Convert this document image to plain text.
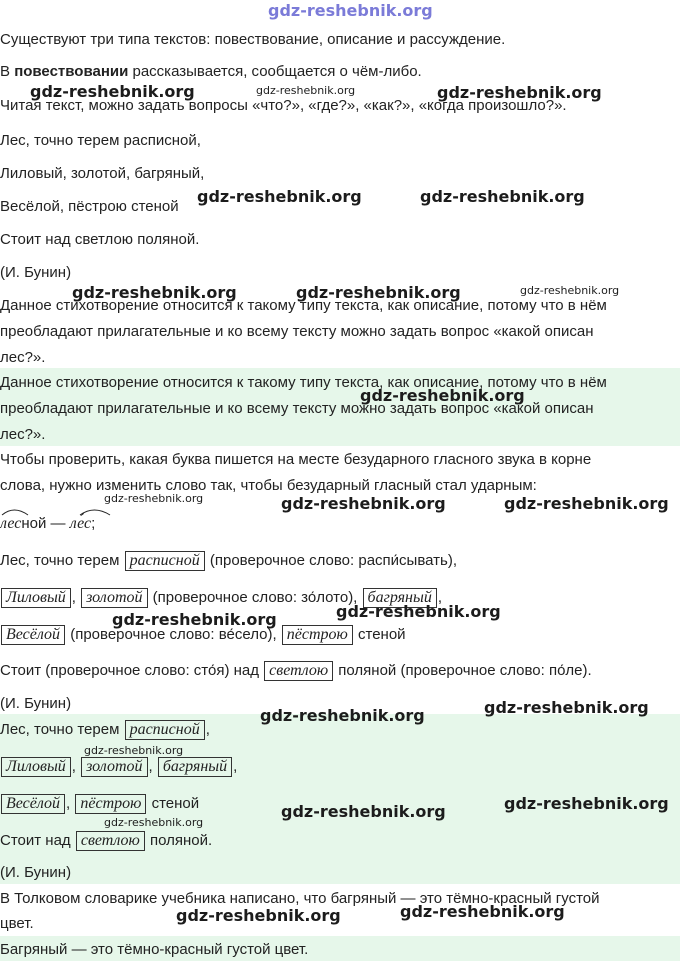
gdz-reshebnik.org
Существуют три типа текстов: повествование, описание и рассуждение.
В повествовании рассказывается, сообщается о чём-либо.
Читая текст, можно задать вопросы «что?», «где?», «как?», «когда произошло?».
Лес, точно терем расписной,
Лиловый, золотой, багряный,
Весёлой, пёстрою стеной
Стоит над светлою поляной.
(И. Бунин)
Данное стихотворение относится к такому типу текста, как описание, потому что в нём
преобладают прилагательные и ко всему тексту можно задать вопрос «какой описан
лес?».
Данное стихотворение относится к такому типу текста, как описание, потому что в нём
преобладают прилагательные и ко всему тексту можно задать вопрос «какой описан
лес?».
Чтобы проверить, какая буква пишется на месте безударного гласного звука в корне
слова, нужно изменить слово так, чтобы безударный гласный стал ударным:
лесной — ле́с;
Лес, точно терем расписной (проверочное слово: распи́сывать),
Лиловый , золотой (проверочное слово: зо́лото), багряный ,
Весёлой (проверочное слово: ве́село), пёстрою стеной
Стоит (проверочное слово: сто́я) над светлою поляной (проверочное слово: по́ле).
(И. Бунин)
Лес, точно терем расписной ,
Лиловый , золотой , багряный ,
Весёлой , пёстрою стеной
Стоит над светлою поляной.
(И. Бунин)
В Толковом словарике учебника написано, что багряный — это тёмно-красный густой
цвет.
Багряный — это тёмно-красный густой цвет.
gdz-reshebnik.org	gdz-reshebnik.org	gdz-reshebnik.org
gdz-reshebnik.org	gdz-reshebnik.org
gdz-reshebnik.org	gdz-reshebnik.org	gdz-reshebnik.org
gdz-reshebnik.org
gdz-reshebnik.org	gdz-reshebnik.org	gdz-reshebnik.org
gdz-reshebnik.org
gdz-reshebnik.org
gdz-reshebnik.org	gdz-reshebnik.org
gdz-reshebnik.org
gdz-reshebnik.org	gdz-reshebnik.org
gdz-reshebnik.org
gdz-reshebnik.org	gdz-reshebnik.org
